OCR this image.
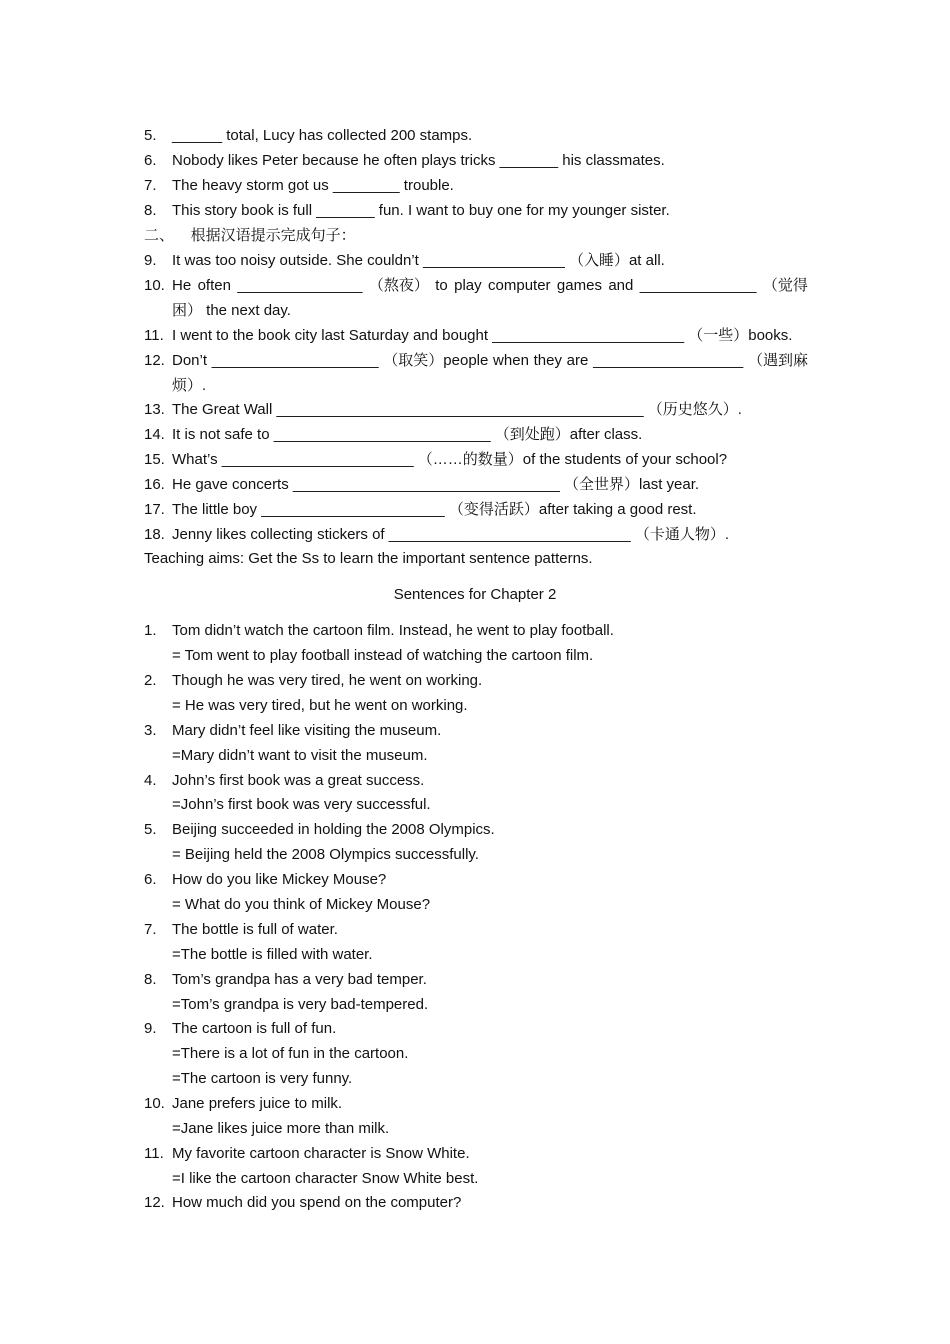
5. ______ total, Lucy has collected 200 stamps.
6. Nobody likes Peter because he often plays tricks _______ his classmates.
7. The heavy storm got us ________ trouble.
8. This story book is full _______ fun. I want to buy one for my younger sister.
二、    根据汉语提示完成句子：
9. It was too noisy outside. She couldn’t _________________ （入睡）at all.
10. He often _______________ （熬夜） to play computer games and ______________ （觉得
困） the next day.
11. I went to the book city last Saturday and bought _______________________ （一些）books.
12. Don’t ____________________ （取笑）people when they are __________________ （遇到麻
烦）.
13. The Great Wall ____________________________________________ （历史悠久）.
14. It is not safe to __________________________ （到处跑）after class.
15. What’s _______________________ （……的数量）of the students of your school?
16. He gave concerts ________________________________ （全世界）last year.
17. The little boy ______________________ （变得活跃）after taking a good rest.
18. Jenny likes collecting stickers of _____________________________ （卡通人物）.
Teaching aims: Get the Ss to learn the important sentence patterns.
Sentences for Chapter 2
1. Tom didn’t watch the cartoon film. Instead, he went to play football.
= Tom went to play football instead of watching the cartoon film.
2. Though he was very tired, he went on working.
= He was very tired, but he went on working.
3. Mary didn’t feel like visiting the museum.
=Mary didn’t want to visit the museum.
4. John’s first book was a great success.
=John’s first book was very successful.
5. Beijing succeeded in holding the 2008 Olympics.
= Beijing held the 2008 Olympics successfully.
6. How do you like Mickey Mouse?
= What do you think of Mickey Mouse?
7. The bottle is full of water.
=The bottle is filled with water.
8. Tom’s grandpa has a very bad temper.
=Tom’s grandpa is very bad-tempered.
9. The cartoon is full of fun.
=There is a lot of fun in the cartoon.
=The cartoon is very funny.
10. Jane prefers juice to milk.
=Jane likes juice more than milk.
11. My favorite cartoon character is Snow White.
=I like the cartoon character Snow White best.
12. How much did you spend on the computer?
